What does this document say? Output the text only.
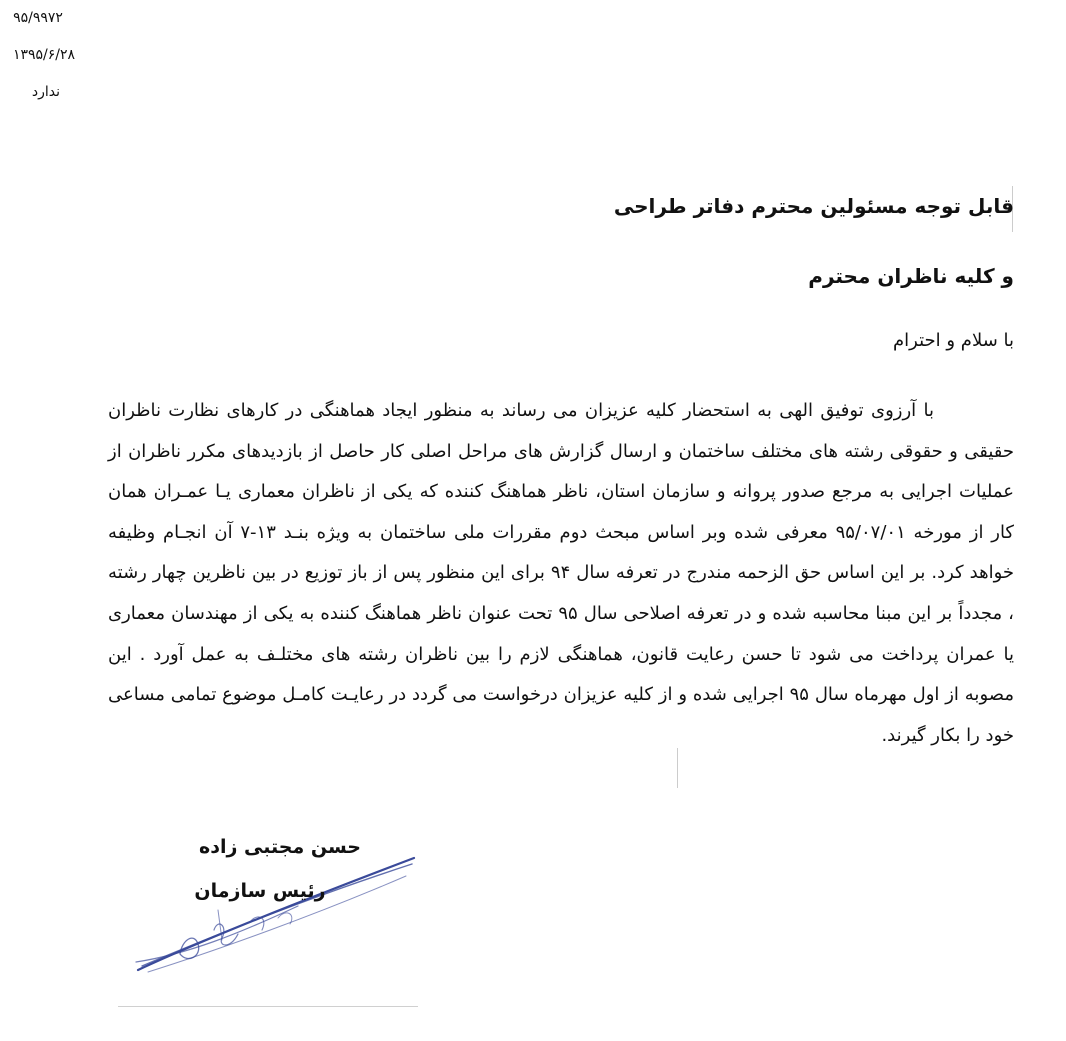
۹۵/۹۹۷۲
۱۳۹۵/۶/۲۸
ندارد
قابل توجه مسئولین محترم دفاتر طراحی
و کلیه ناظران محترم
با سلام و احترام

با آرزوی توفیق الهی به استحضار کلیه عزیزان می رساند به منظور ایجاد هماهنگی در کارهای نظارت ناظران حقیقی و حقوقی رشته های مختلف ساختمان و ارسال گزارش های مراحل اصلی کار حاصل از بازدیدهای مکرر ناظران از عملیات اجرایی به مرجع صدور پروانه و سازمان استان، ناظر هماهنگ کننده که یکی از ناظران معماری یـا عمـران همان کار از مورخه ۹۵/۰۷/۰۱ معرفی شده وبر اساس مبحث دوم مقررات ملی ساختمان به ویژه بنـد ۱۳-۷ آن انجـام وظیفه خواهد کرد. بر این اساس حق الزحمه مندرج در تعرفه سال ۹۴ برای این منظور پس از باز توزیع در بین ناظرین چهار رشته ، مجدداً بر این مبنا محاسبه شده و در تعرفه اصلاحی سال ۹۵ تحت عنوان ناظر هماهنگ کننده به یکی از مهندسان معماری یا عمران پرداخت می شود تا حسن رعایت قانون، هماهنگی لازم را بین ناظران رشته های مختلـف به عمل آورد . این مصوبه از اول مهرماه سال ۹۵ اجرایی شده و از کلیه عزیزان درخواست می گردد در رعایـت کامـل موضوع تمامی مساعی خود را بکار گیرند.

حسن مجتبی زاده
رئیس سازمان
